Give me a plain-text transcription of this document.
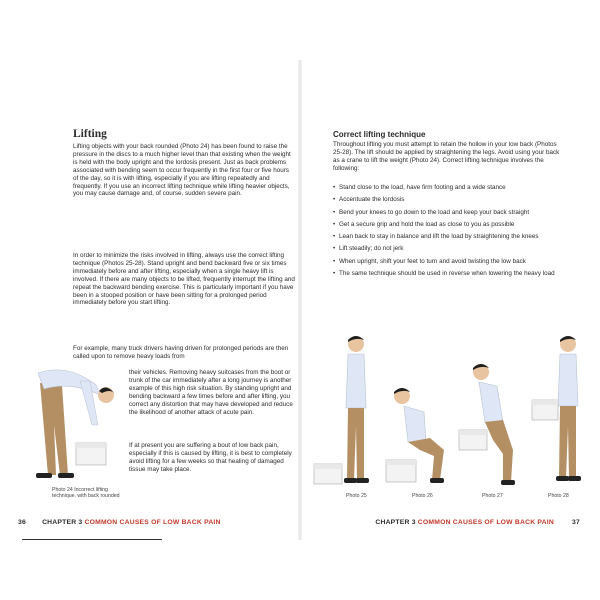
Lifting

Lifting objects with your back rounded (Photo 24) has been found to raise the pressure in the discs to a much higher level than that existing when the weight is held with the body upright and the lordosis present. Just as back problems associated with bending seem to occur frequently in the first four or five hours of the day, so it is with lifting, especially if you are lifting repeatedly and frequently. If you use an incorrect lifting technique while lifting heavier objects, you may cause damage and, of course, sudden severe pain.

In order to minimize the risks involved in lifting, always use the correct lifting technique (Photos 25-28). Stand upright and bend backward five or six times immediately before and after lifting, especially when a single heavy lift is involved. If there are many objects to be lifted, frequently interrupt the lifting and repeat the backward bending exercise. This is particularly important if you have been in a stooped position or have been sitting for a prolonged period immediately before you start lifting.

For example, many truck drivers having driven for prolonged periods are then called upon to remove heavy loads from

their vehicles. Removing heavy suitcases from the boot or trunk of the car immediately after a long journey is another example of this high risk situation. By standing upright and bending backward a few times before and after lifting, you correct any distortion that may have developed and reduce the likelihood of another attack of acute pain.

If at present you are suffering a bout of low back pain, especially if this is caused by lifting, it is best to completely avoid lifting for a few weeks so that healing of damaged tissue may take place.

Photo 24 Incorrect lifting technique, with back rounded
36 CHAPTER 3 COMMON CAUSES OF LOW BACK PAIN
Correct lifting technique

Throughout lifting you must attempt to retain the hollow in your low back (Photos 25-28). The lift should be applied by straightening the legs. Avoid using your back as a crane to lift the weight (Photo 24). Correct lifting technique involves the following:

• Stand close to the load, have firm footing and a wide stance
• Accentuate the lordosis
• Bend your knees to go down to the load and keep your back straight
• Get a secure grip and hold the load as close to you as possible
• Lean back to stay in balance and lift the load by straightening the knees
• Lift steadily; do not jerk
• When upright, shift your feet to turn and avoid twisting the low back
• The same technique should be used in reverse when lowering the heavy load
Photo 25	Photo 26	Photo 27	Photo 28
CHAPTER 3 COMMON CAUSES OF LOW BACK PAIN	37
